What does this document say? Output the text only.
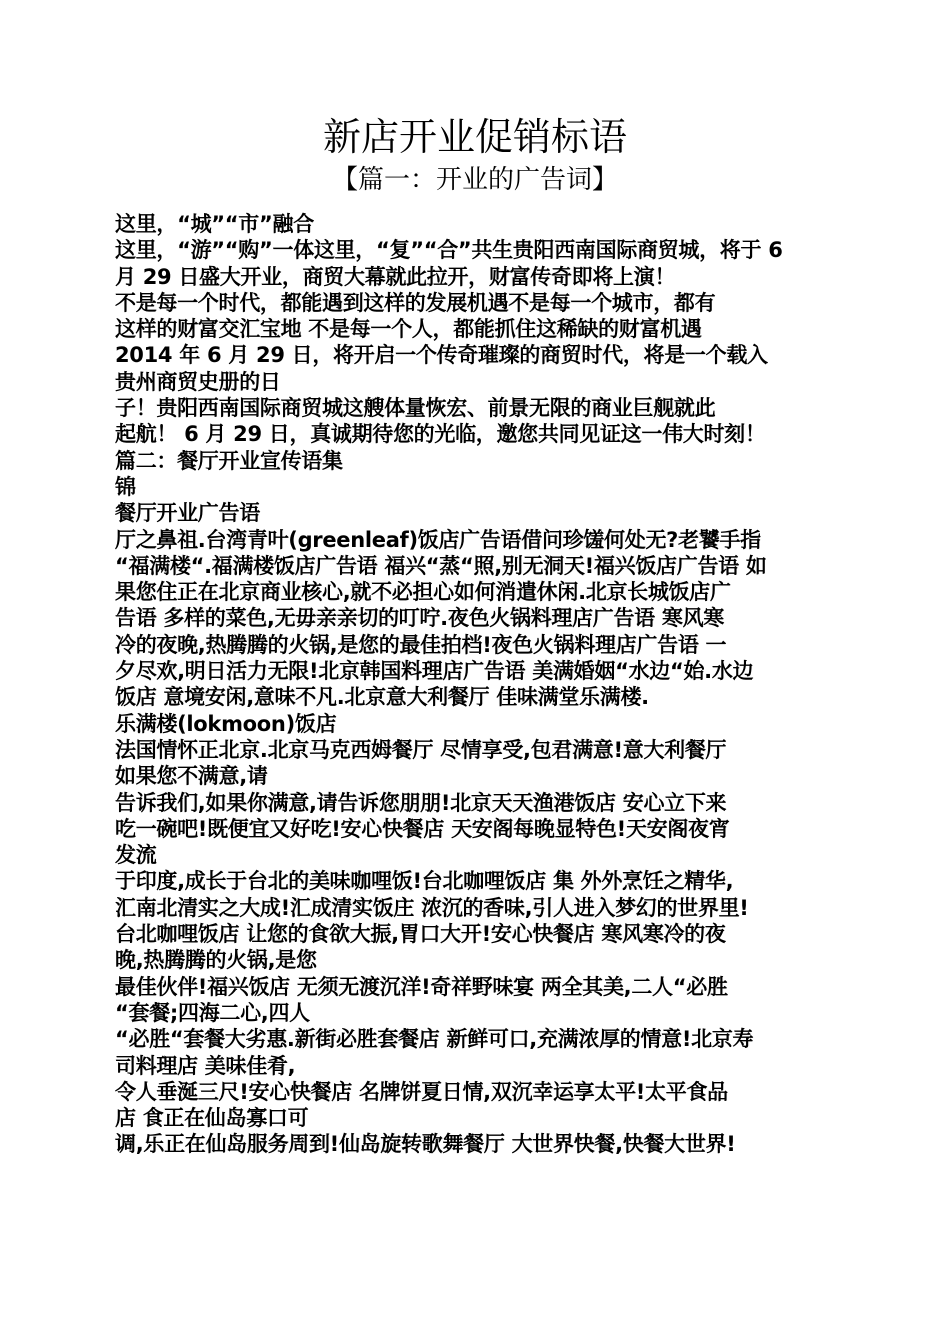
新店开业促销标语
【篇一：开业的广告词】
这里，“城”“市”融合
这里，“游”“购”一体这里，“复”“合”共生贵阳西南国际商贸城，将于 6
月 29 日盛大开业，商贸大幕就此拉开，财富传奇即将上演！
不是每一个时代，都能遇到这样的发展机遇不是每一个城市，都有
这样的财富交汇宝地 不是每一个人，都能抓住这稀缺的财富机遇
2014 年 6 月 29 日，将开启一个传奇璀璨的商贸时代，将是一个载入
贵州商贸史册的日
子！贵阳西南国际商贸城这艘体量恢宏、前景无限的商业巨舰就此
起航！ 6 月 29 日，真诚期待您的光临，邀您共同见证这一伟大时刻！
篇二：餐厅开业宣传语集
锦
餐厅开业广告语
厅之鼻祖.台湾青叶(greenleaf)饭店广告语借问珍馐何处无?老饕手指
“福满楼“.福满楼饭店广告语 福兴“蒸“照,别无洞天!福兴饭店广告语 如
果您住正在北京商业核心,就不必担心如何消遣休闲.北京长城饭店广
告语 多样的菜色,无毋亲亲切的叮咛.夜色火锅料理店广告语 寒风寒
冷的夜晚,热腾腾的火锅,是您的最佳拍档!夜色火锅料理店广告语 一
夕尽欢,明日活力无限!北京韩国料理店广告语 美满婚姻“水边“始.水边
饭店 意境安闲,意味不凡.北京意大利餐厅 佳味满堂乐满楼.
乐满楼(lokmoon)饭店
法国情怀正北京.北京马克西姆餐厅 尽情享受,包君满意!意大利餐厅
如果您不满意,请
告诉我们,如果你满意,请告诉您朋朋!北京天天渔港饭店 安心立下来
吃一碗吧!既便宜又好吃!安心快餐店 天安阁每晚显特色!天安阁夜宵
发流
于印度,成长于台北的美味咖哩饭!台北咖哩饭店 集 外外烹饪之精华,
汇南北清实之大成!汇成清实饭庄 浓沉的香味,引人进入梦幻的世界里!
台北咖哩饭店 让您的食欲大振,胃口大开!安心快餐店 寒风寒冷的夜
晚,热腾腾的火锅,是您
最佳伙伴!福兴饭店 无须无渡沉洋!奇祥野味宴 两全其美,二人“必胜
“套餐;四海二心,四人
“必胜“套餐大劣惠.新街必胜套餐店 新鲜可口,充满浓厚的情意!北京寿
司料理店 美味佳肴,
令人垂涎三尺!安心快餐店 名牌饼夏日情,双沉幸运享太平!太平食品
店 食正在仙岛寡口可
调,乐正在仙岛服务周到!仙岛旋转歌舞餐厅 大世界快餐,快餐大世界!
